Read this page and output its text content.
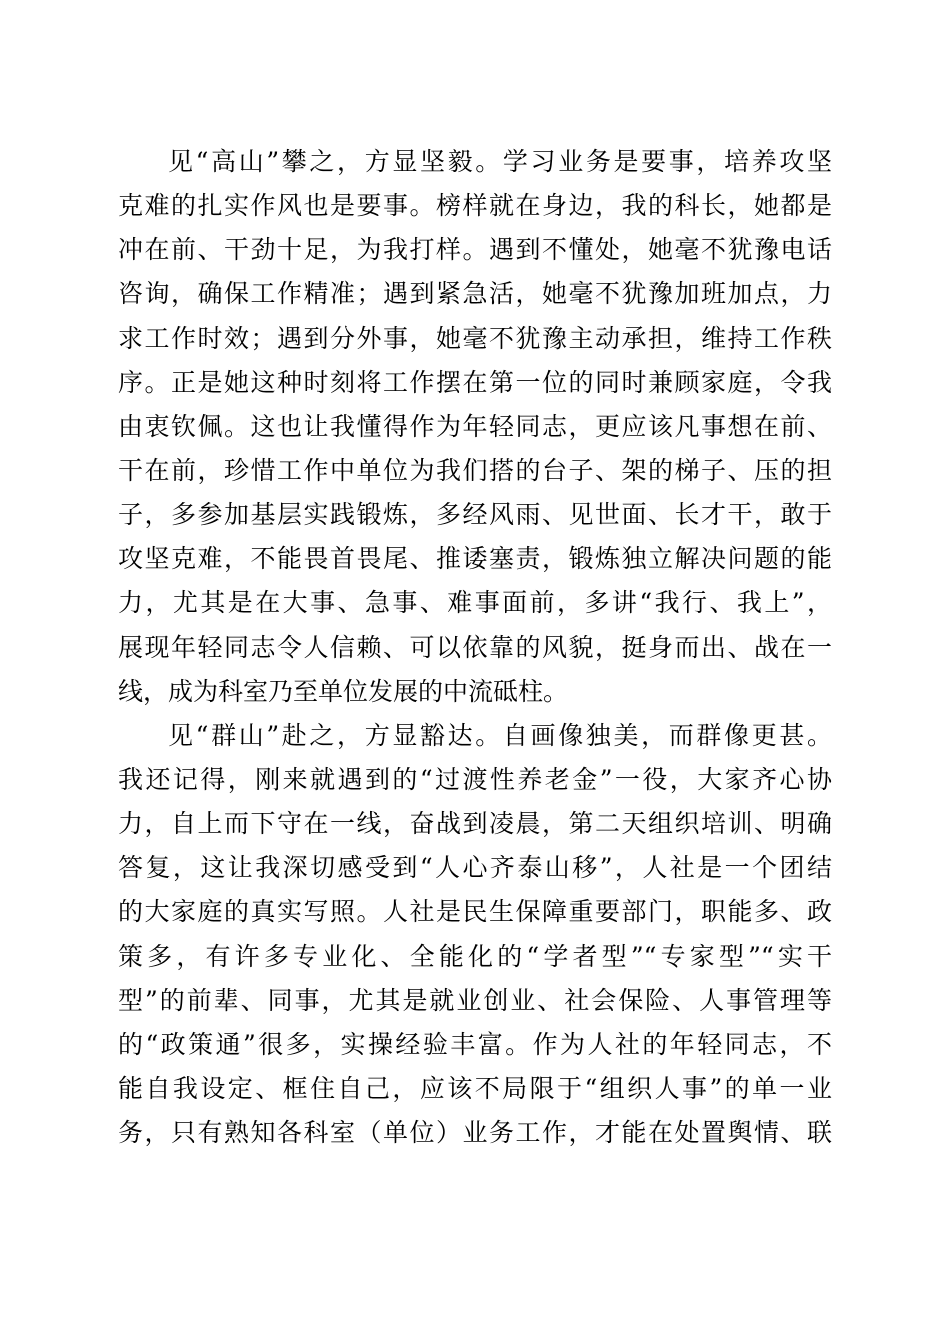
见“高山”攀之，方显坚毅。学习业务是要事，培养攻坚
克难的扎实作风也是要事。榜样就在身边，我的科长，她都是
冲在前、干劲十足，为我打样。遇到不懂处，她毫不犹豫电话
咨询，确保工作精准；遇到紧急活，她毫不犹豫加班加点，力
求工作时效；遇到分外事，她毫不犹豫主动承担，维持工作秩
序。正是她这种时刻将工作摆在第一位的同时兼顾家庭，令我
由衷钦佩。这也让我懂得作为年轻同志，更应该凡事想在前、
干在前，珍惜工作中单位为我们搭的台子、架的梯子、压的担
子，多参加基层实践锻炼，多经风雨、见世面、长才干，敢于
攻坚克难，不能畏首畏尾、推诿塞责，锻炼独立解决问题的能
力，尤其是在大事、急事、难事面前，多讲“我行、我上”，
展现年轻同志令人信赖、可以依靠的风貌，挺身而出、战在一
线，成为科室乃至单位发展的中流砥柱。
见“群山”赴之，方显豁达。自画像独美，而群像更甚。
我还记得，刚来就遇到的“过渡性养老金”一役，大家齐心协
力，自上而下守在一线，奋战到凌晨，第二天组织培训、明确
答复，这让我深切感受到“人心齐泰山移”，人社是一个团结
的大家庭的真实写照。人社是民生保障重要部门，职能多、政
策多，有许多专业化、全能化的“学者型”“专家型”“实干
型”的前辈、同事，尤其是就业创业、社会保险、人事管理等
的“政策通”很多，实操经验丰富。作为人社的年轻同志，不
能自我设定、框住自己，应该不局限于“组织人事”的单一业
务，只有熟知各科室（单位）业务工作，才能在处置舆情、联
